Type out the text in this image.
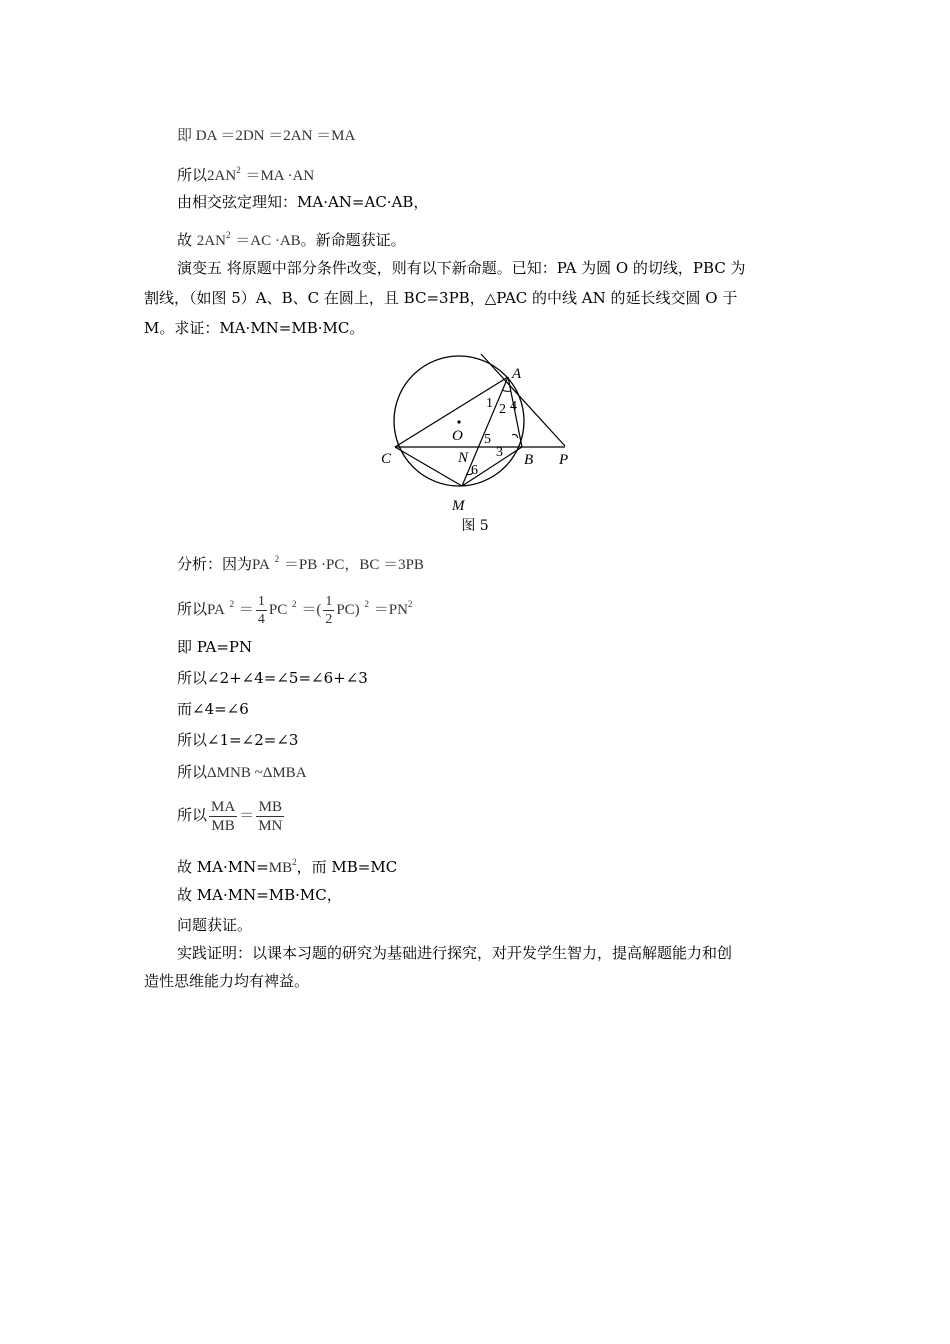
即 DA ＝2DN ＝2AN ＝MA
所以$2AN^2 =MA \cdot AN$
由相交弦定理知：MA·AN=AC·AB，
故 $2AN^2 =AC \cdot AB$。新命题获证。
演变五 将原题中部分条件改变，则有以下新命题。已知：PA 为圆 O 的切线，PBC 为
割线，（如图 5）A、B、C 在圆上，且 BC=3PB，△PAC 的中线 AN 的延长线交圆 O 于
M。求证：MA·MN=MB·MC。
A
B
C	P
N
M
O
1 2
3
4
5
6
图 5
分析：因为PA $^2$ ＝PB ·PC，BC ＝3PB
所以PA $^2 = \frac{1}{4}$ PC $^2$ ＝( $\frac{1}{2} PC$) $^2 =PN^2$
即 PA=PN
所以∠2+∠4=∠5=∠6+∠3
而∠4=∠6
所以∠1=∠2=∠3
所以ΔMNB ~ΔMBA
所以 $\frac{MA}{MB} = \frac{MB}{MN}$
故 $MA\cdot MN=MB^2$，而 MB=MC
故 MA·MN=MB·MC，
问题获证。
实践证明：以课本习题的研究为基础进行探究，对开发学生智力，提高解题能力和创
造性思维能力均有裨益。
